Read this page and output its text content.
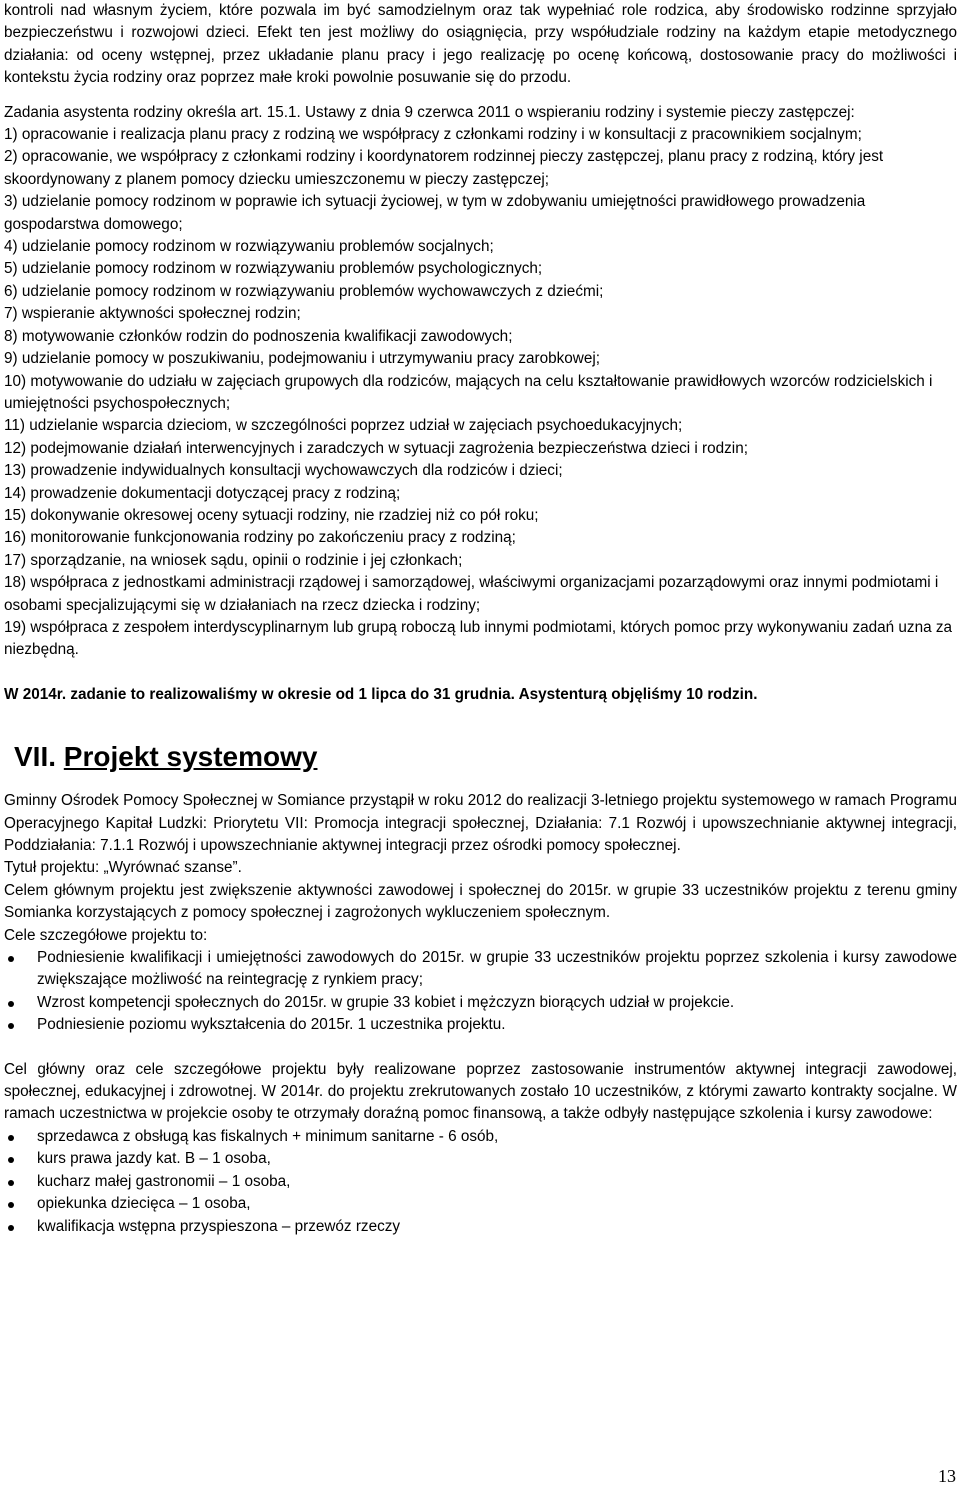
kontroli nad własnym życiem, które pozwala im być samodzielnym oraz tak wypełniać role rodzica, aby środowisko rodzinne sprzyjało bezpieczeństwu i rozwojowi dzieci. Efekt ten jest możliwy do osiągnięcia, przy współudziale rodziny na każdym etapie metodycznego działania: od oceny wstępnej, przez układanie planu pracy i jego realizację po ocenę końcową, dostosowanie pracy do możliwości i kontekstu życia rodziny oraz poprzez małe kroki powolnie posuwanie się do przodu.

Zadania asystenta rodziny określa art. 15.1. Ustawy z dnia 9 czerwca 2011 o wspieraniu rodziny i systemie pieczy zastępczej:

1) opracowanie i realizacja planu pracy z rodziną we współpracy z członkami rodziny i w konsultacji z pracownikiem socjalnym;

2) opracowanie, we współpracy z członkami rodziny i koordynatorem rodzinnej pieczy zastępczej, planu pracy z rodziną, który jest skoordynowany z planem pomocy dziecku umieszczonemu w pieczy zastępczej;

3) udzielanie pomocy rodzinom w poprawie ich sytuacji życiowej, w tym w zdobywaniu umiejętności prawidłowego prowadzenia gospodarstwa domowego;

4) udzielanie pomocy rodzinom w rozwiązywaniu problemów socjalnych;

5) udzielanie pomocy rodzinom w rozwiązywaniu problemów psychologicznych;

6) udzielanie pomocy rodzinom w rozwiązywaniu problemów wychowawczych z dziećmi;

7) wspieranie aktywności społecznej rodzin;

8) motywowanie członków rodzin do podnoszenia kwalifikacji zawodowych;

9) udzielanie pomocy w poszukiwaniu, podejmowaniu i utrzymywaniu pracy zarobkowej;

10) motywowanie do udziału w zajęciach grupowych dla rodziców, mających na celu kształtowanie prawidłowych wzorców rodzicielskich i umiejętności psychospołecznych;

11) udzielanie wsparcia dzieciom, w szczególności poprzez udział w zajęciach psychoedukacyjnych;

12) podejmowanie działań interwencyjnych i zaradczych w sytuacji zagrożenia bezpieczeństwa dzieci i rodzin;

13) prowadzenie indywidualnych konsultacji wychowawczych dla rodziców i dzieci;

14) prowadzenie dokumentacji dotyczącej pracy z rodziną;

15) dokonywanie okresowej oceny sytuacji rodziny, nie rzadziej niż co pół roku;

16) monitorowanie funkcjonowania rodziny po zakończeniu pracy z rodziną;

17) sporządzanie, na wniosek sądu, opinii o rodzinie i jej członkach;

18) współpraca z jednostkami administracji rządowej i samorządowej, właściwymi organizacjami pozarządowymi oraz innymi podmiotami i osobami specjalizującymi się w działaniach na rzecz dziecka i rodziny;

19) współpraca z zespołem interdyscyplinarnym lub grupą roboczą lub innymi podmiotami, których pomoc przy wykonywaniu zadań uzna za niezbędną.

W 2014r. zadanie to realizowaliśmy w okresie od 1 lipca do 31 grudnia. Asystenturą objęliśmy 10 rodzin.

VII. Projekt systemowy

Gminny Ośrodek Pomocy Społecznej w Somiance przystąpił w roku 2012 do realizacji 3-letniego projektu systemowego w ramach Programu Operacyjnego Kapitał Ludzki: Priorytetu VII: Promocja integracji społecznej, Działania: 7.1 Rozwój i upowszechnianie aktywnej integracji, Poddziałania: 7.1.1 Rozwój i upowszechnianie aktywnej integracji przez ośrodki pomocy społecznej.

Tytuł projektu: „Wyrównać szanse”.

Celem głównym projektu jest zwiększenie aktywności zawodowej i społecznej do 2015r. w grupie 33 uczestników projektu z terenu gminy Somianka korzystających z pomocy społecznej i zagrożonych wykluczeniem społecznym.

Cele szczegółowe projektu to:

Podniesienie kwalifikacji i umiejętności zawodowych do 2015r. w grupie 33 uczestników projektu poprzez szkolenia i kursy zawodowe zwiększające możliwość na reintegrację z rynkiem pracy;
Wzrost kompetencji społecznych do 2015r. w grupie 33 kobiet i mężczyzn biorących udział w projekcie.
Podniesienie poziomu wykształcenia do 2015r. 1 uczestnika projektu.

Cel główny oraz cele szczegółowe projektu były realizowane poprzez zastosowanie instrumentów aktywnej integracji zawodowej, społecznej, edukacyjnej i zdrowotnej. W 2014r. do projektu zrekrutowanych zostało 10 uczestników, z którymi zawarto kontrakty socjalne. W ramach uczestnictwa w projekcie osoby te otrzymały doraźną pomoc finansową, a także odbyły następujące szkolenia i kursy zawodowe:

sprzedawca z obsługą kas fiskalnych + minimum sanitarne - 6 osób,
kurs prawa jazdy kat. B – 1 osoba,
kucharz małej gastronomii – 1 osoba,
opiekunka dziecięca – 1 osoba,
kwalifikacja wstępna przyspieszona – przewóz rzeczy
13
